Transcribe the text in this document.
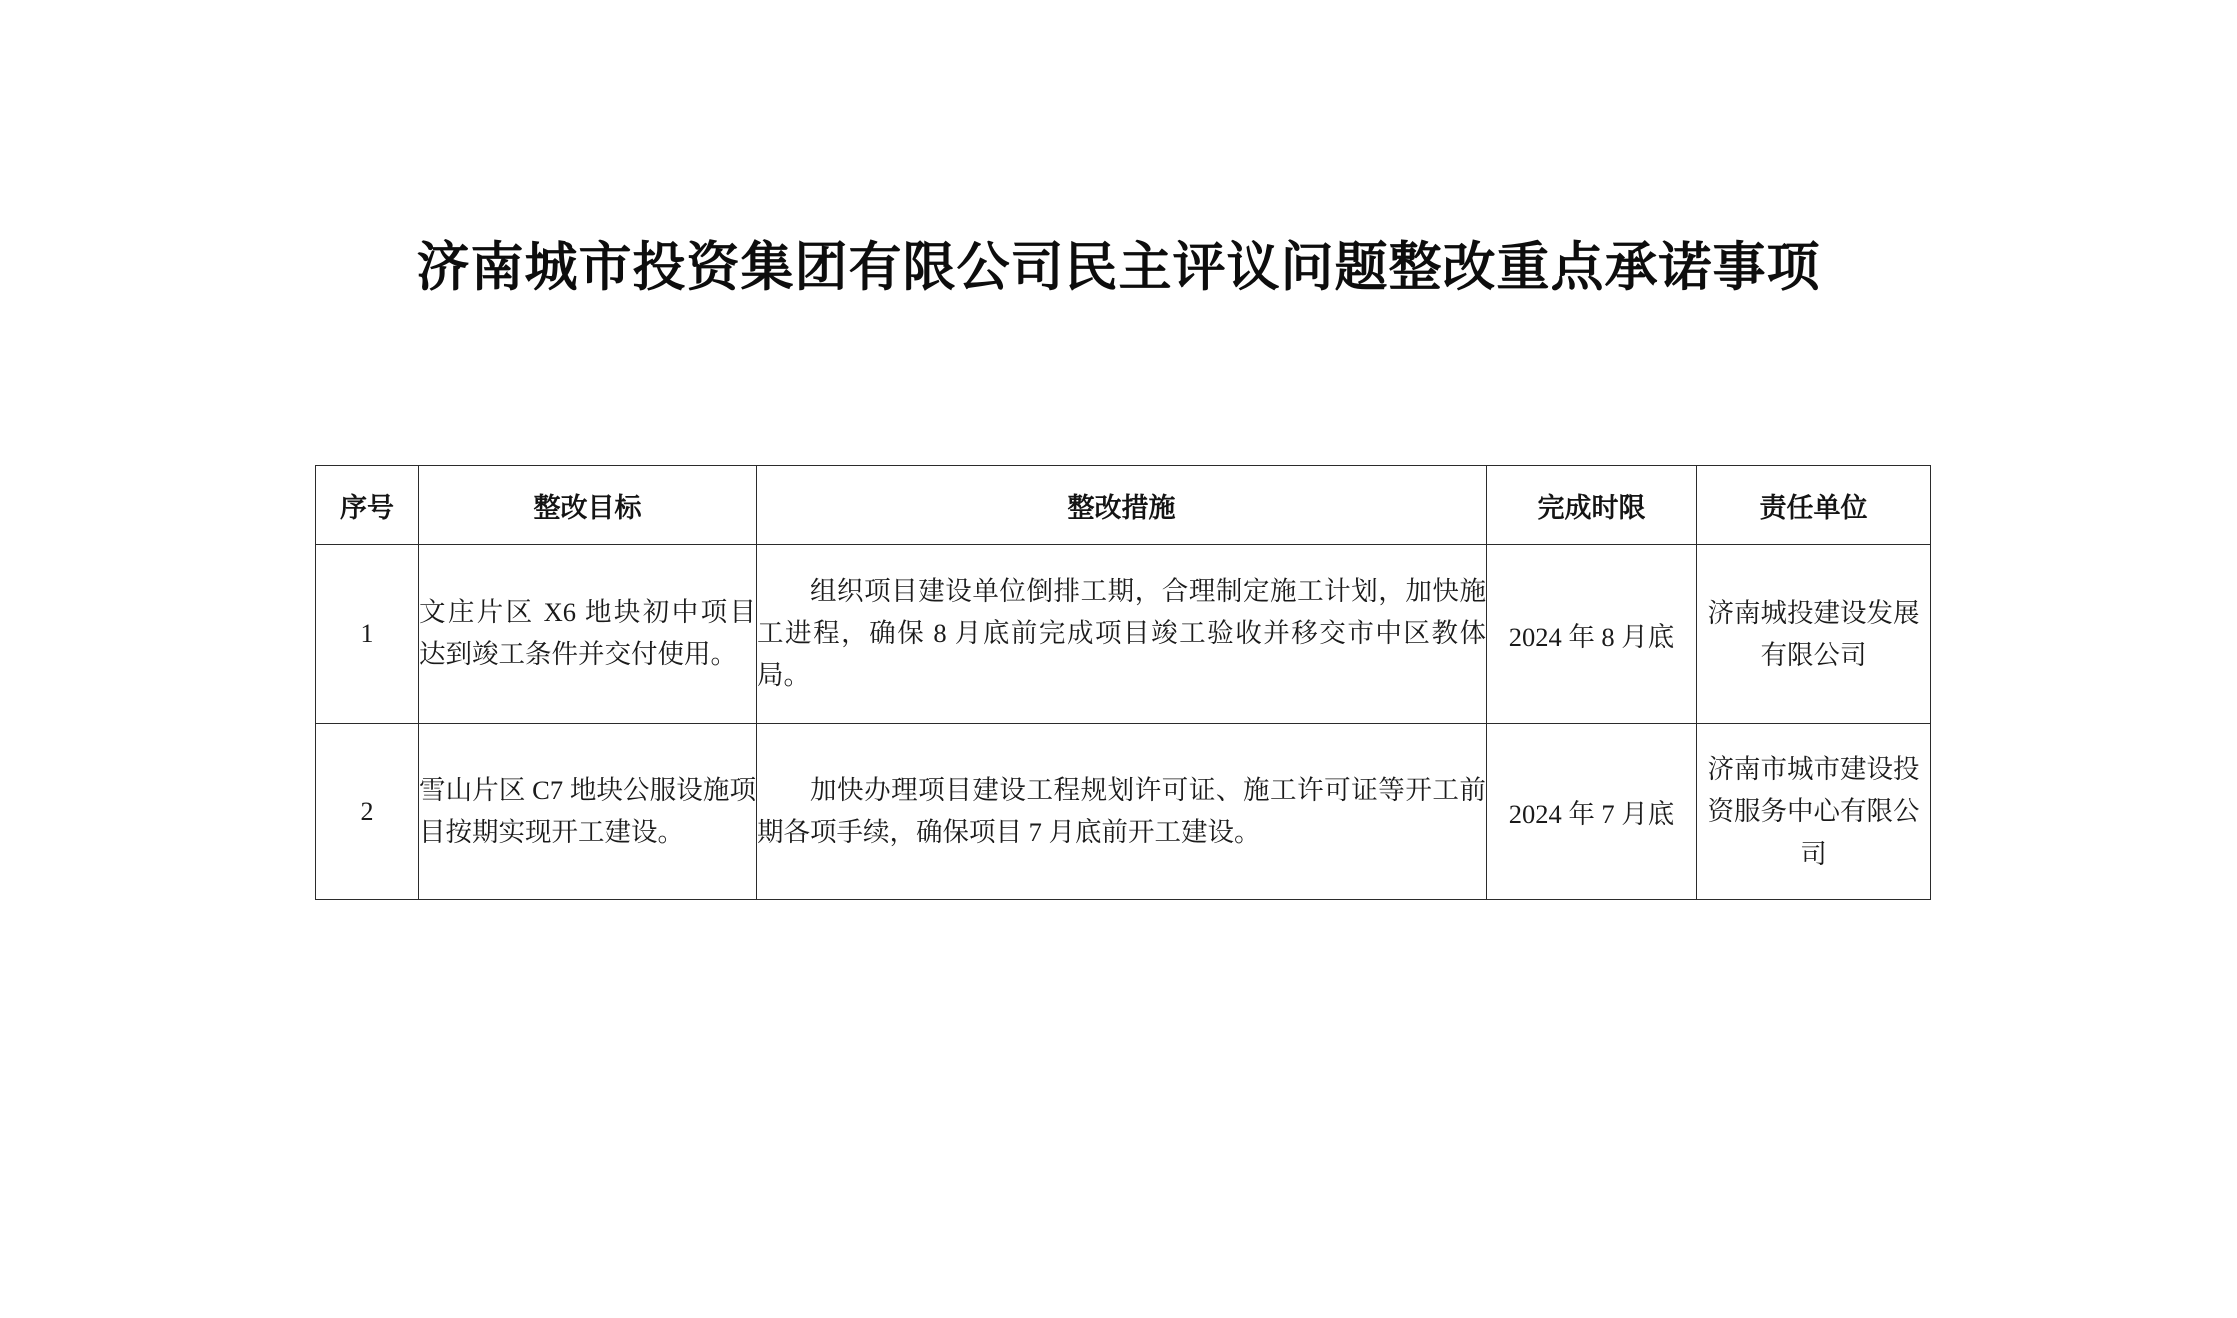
济南城市投资集团有限公司民主评议问题整改重点承诺事项
序号	整改目标	整改措施	完成时限	责任单位
1	文庄片区 X6 地块初中项目达到竣工条件并交付使用。	组织项目建设单位倒排工期，合理制定施工计划，加快施工进程，确保 8 月底前完成项目竣工验收并移交市中区教体局。	2024 年 8 月底	济南城投建设发展有限公司
2	雪山片区 C7 地块公服设施项目按期实现开工建设。	加快办理项目建设工程规划许可证、施工许可证等开工前期各项手续，确保项目 7 月底前开工建设。	2024 年 7 月底	济南市城市建设投资服务中心有限公司
